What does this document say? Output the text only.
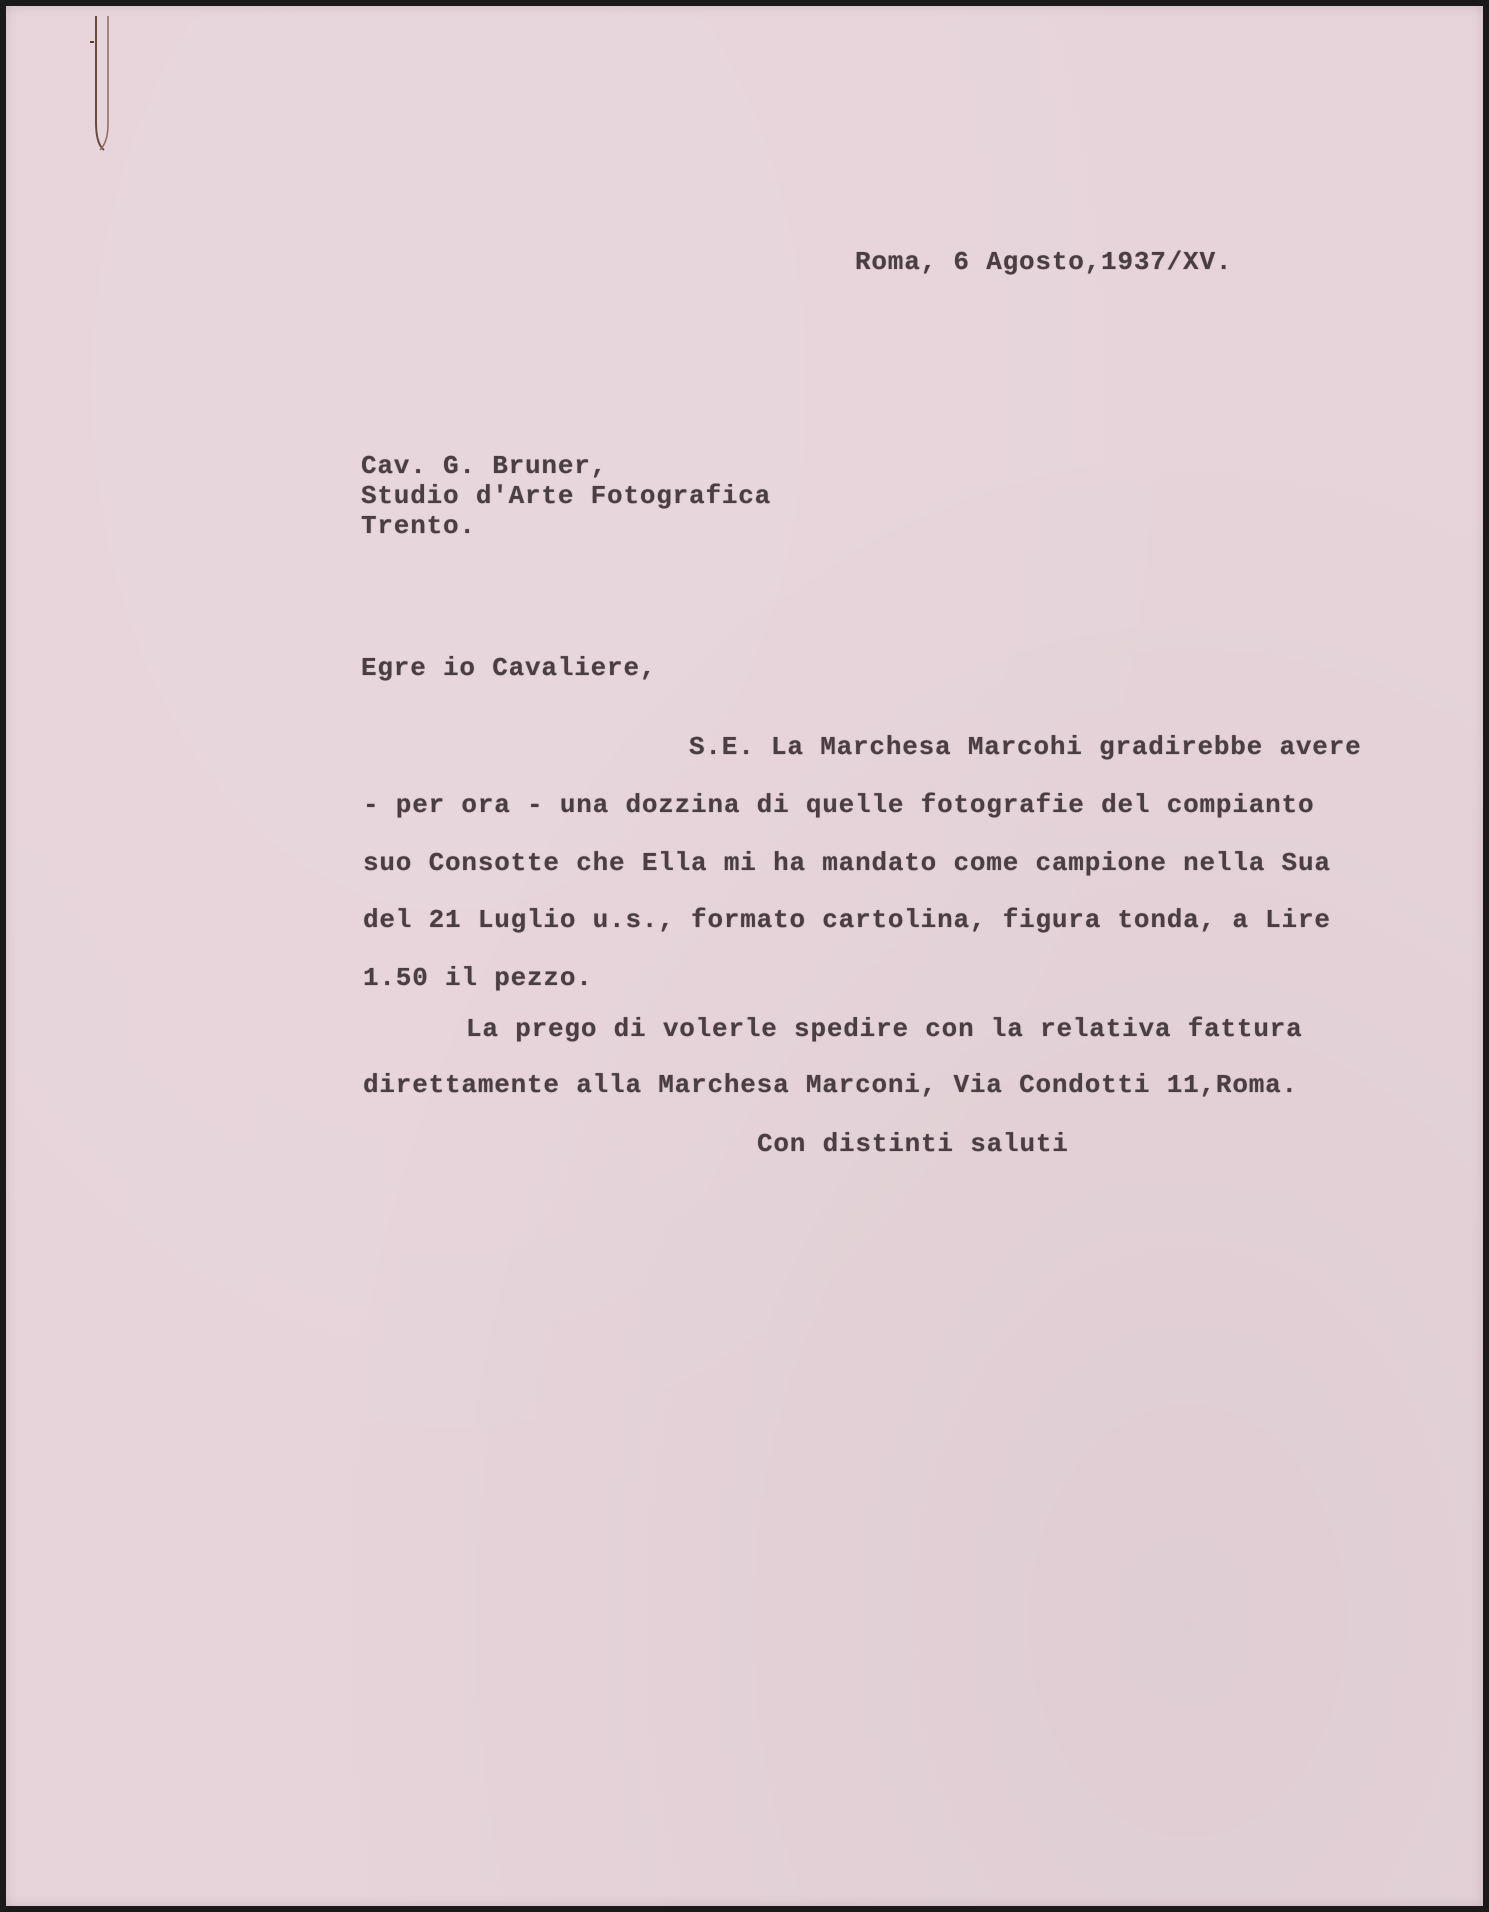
Roma, 6 Agosto,1937/XV.
Cav. G. Bruner,
Studio d'Arte Fotografica
Trento.
Egre io Cavaliere,
S.E. La Marchesa Marcohi gradirebbe avere
- per ora - una dozzina di quelle fotografie del compianto
suo Consotte che Ella mi ha mandato come campione nella Sua
del 21 Luglio u.s., formato cartolina, figura tonda, a Lire
1.50 il pezzo.
La prego di volerle spedire con la relativa fattura
direttamente alla Marchesa Marconi, Via Condotti 11,Roma.
Con distinti saluti
